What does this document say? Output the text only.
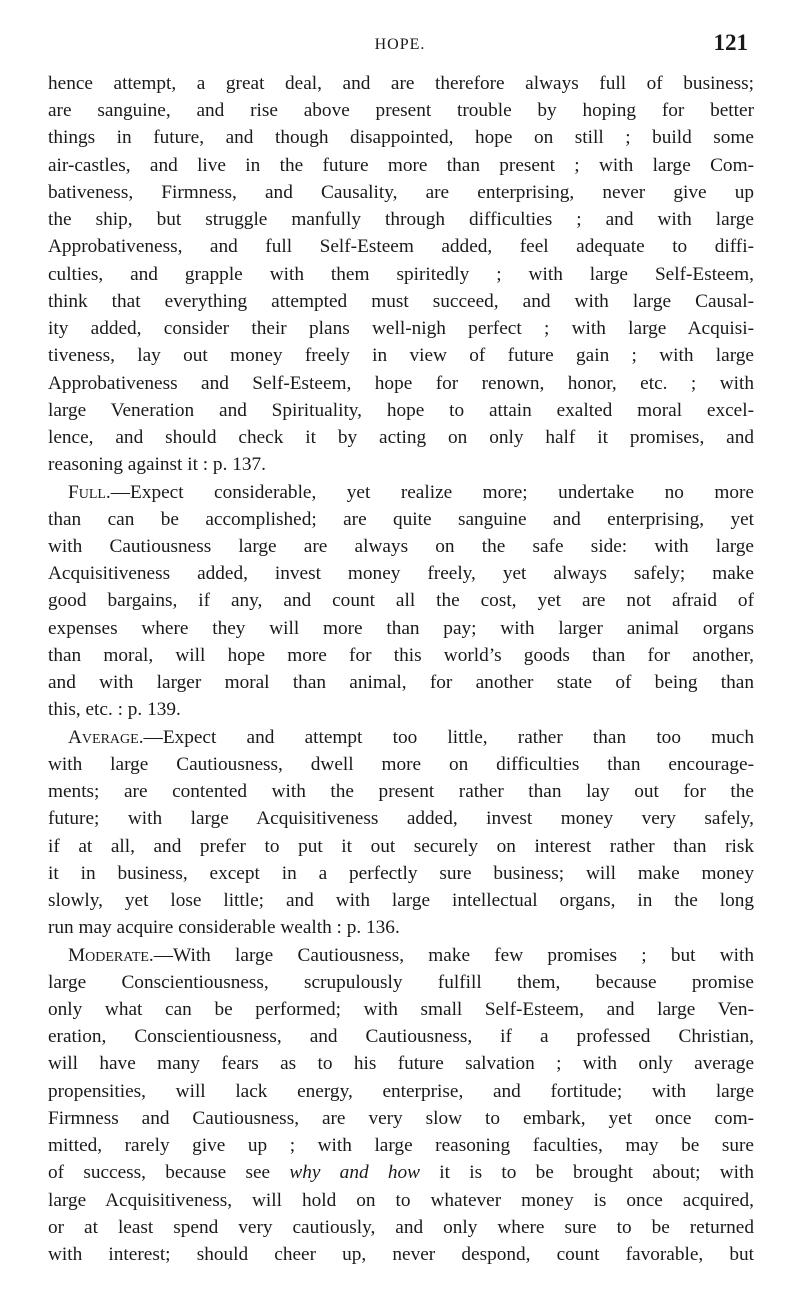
HOPE.	121
hence attempt, a great deal, and are therefore always full of business;
are sanguine, and rise above present trouble by hoping for better
things in future, and though disappointed, hope on still ; build some
air-castles, and live in the future more than present ; with large Com-
bativeness, Firmness, and Causality, are enterprising, never give up
the ship, but struggle manfully through difficulties ; and with large
Approbativeness, and full Self-Esteem added, feel adequate to diffi-
culties, and grapple with them spiritedly ; with large Self-Esteem,
think that everything attempted must succeed, and with large Causal-
ity added, consider their plans well-nigh perfect ; with large Acquisi-
tiveness, lay out money freely in view of future gain ; with large
Approbativeness and Self-Esteem, hope for renown, honor, etc. ; with
large Veneration and Spirituality, hope to attain exalted moral excel-
lence, and should check it by acting on only half it promises, and
reasoning against it : p. 137.
Full.—Expect considerable, yet realize more; undertake no more
than can be accomplished; are quite sanguine and enterprising, yet
with Cautiousness large are always on the safe side: with large
Acquisitiveness added, invest money freely, yet always safely; make
good bargains, if any, and count all the cost, yet are not afraid of
expenses where they will more than pay; with larger animal organs
than moral, will hope more for this world’s goods than for another,
and with larger moral than animal, for another state of being than
this, etc. : p. 139.
Average.—Expect and attempt too little, rather than too much
with large Cautiousness, dwell more on difficulties than encourage-
ments; are contented with the present rather than lay out for the
future; with large Acquisitiveness added, invest money very safely,
if at all, and prefer to put it out securely on interest rather than risk
it in business, except in a perfectly sure business; will make money
slowly, yet lose little; and with large intellectual organs, in the long
run may acquire considerable wealth : p. 136.
Moderate.—With large Cautiousness, make few promises ; but with
large Conscientiousness, scrupulously fulfill them, because promise
only what can be performed; with small Self-Esteem, and large Ven-
eration, Conscientiousness, and Cautiousness, if a professed Christian,
will have many fears as to his future salvation ; with only average
propensities, will lack energy, enterprise, and fortitude; with large
Firmness and Cautiousness, are very slow to embark, yet once com-
mitted, rarely give up ; with large reasoning faculties, may be sure
of success, because see why and how it is to be brought about; with
large Acquisitiveness, will hold on to whatever money is once acquired,
or at least spend very cautiously, and only where sure to be returned
with interest; should cheer up, never despond, count favorable, but
